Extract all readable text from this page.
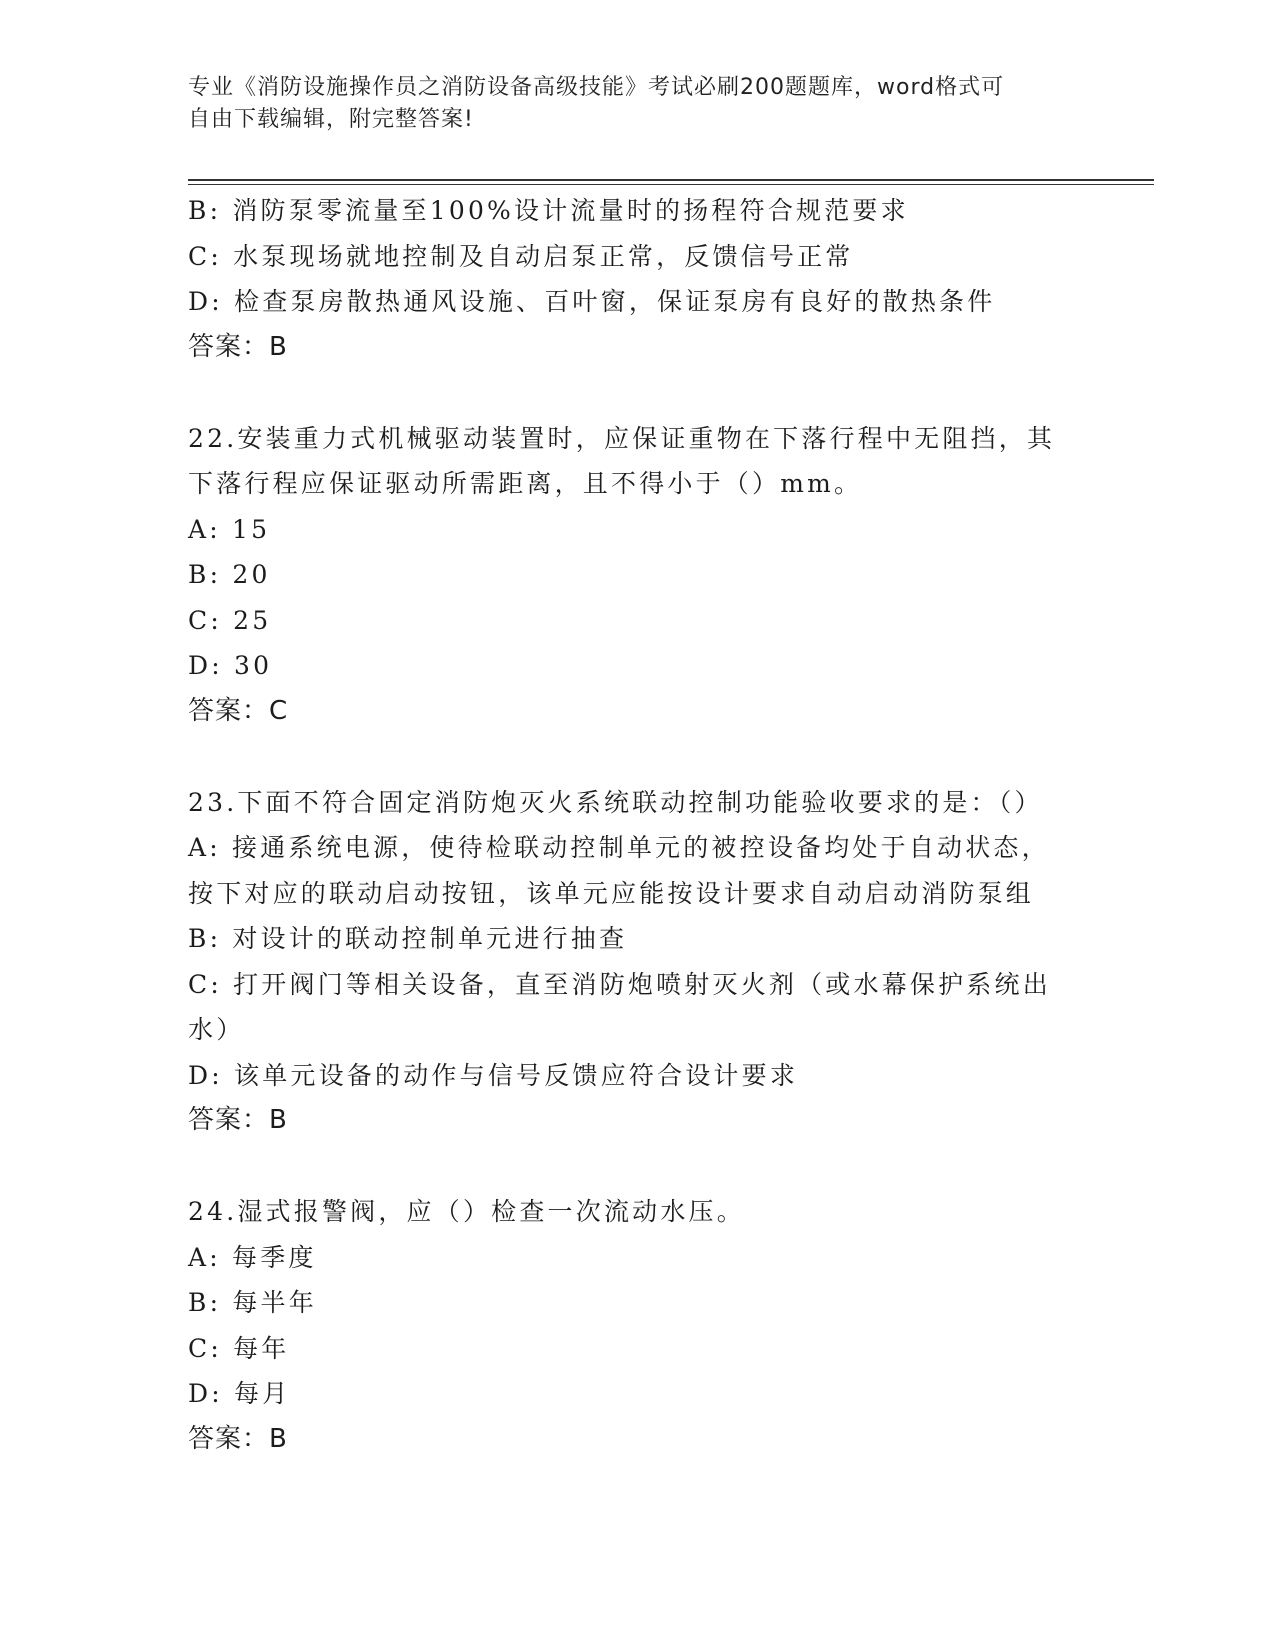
专业《消防设施操作员之消防设备高级技能》考试必刷200题题库，word格式可
自由下载编辑，附完整答案!
B: 消防泵零流量至100%设计流量时的扬程符合规范要求
C: 水泵现场就地控制及自动启泵正常，反馈信号正常
D: 检查泵房散热通风设施、百叶窗，保证泵房有良好的散热条件
答案：B
22.安装重力式机械驱动装置时，应保证重物在下落行程中无阻挡，其
下落行程应保证驱动所需距离，且不得小于（）mm。
A: 15
B: 20
C: 25
D: 30
答案：C
23.下面不符合固定消防炮灭火系统联动控制功能验收要求的是：（）
A: 接通系统电源，使待检联动控制单元的被控设备均处于自动状态，
按下对应的联动启动按钮，该单元应能按设计要求自动启动消防泵组
B: 对设计的联动控制单元进行抽查
C: 打开阀门等相关设备，直至消防炮喷射灭火剂（或水幕保护系统出
水）
D: 该单元设备的动作与信号反馈应符合设计要求
答案：B
24.湿式报警阀，应（）检查一次流动水压。
A: 每季度
B: 每半年
C: 每年
D: 每月
答案：B
